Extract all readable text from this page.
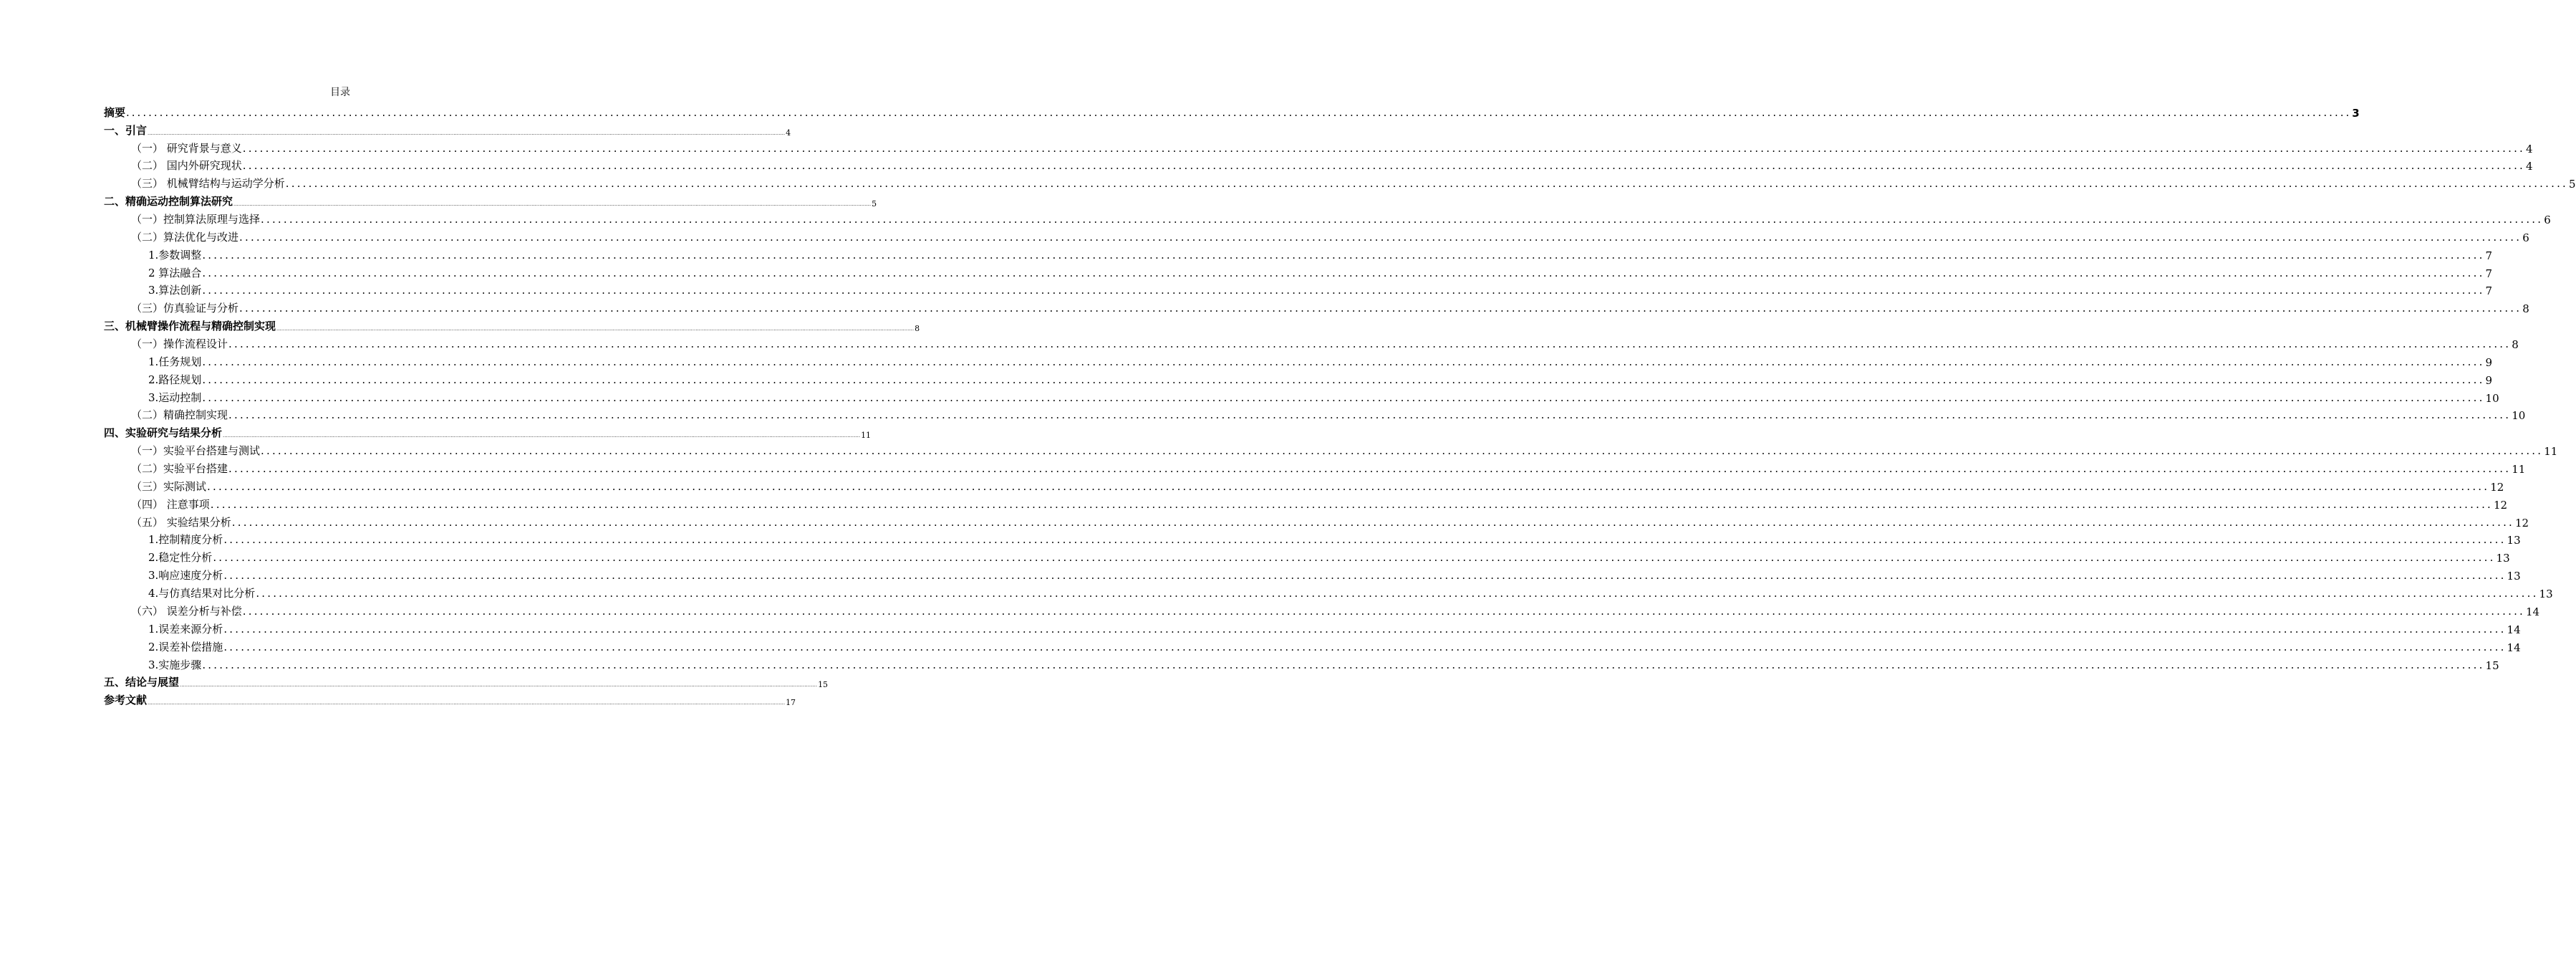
目录
摘要 ................................................................................................................................................................................................................................................................................................................................................................................................................ 3
一、引言 ................................................................................................................................................................................................................................................................................................................................................................................................................ 4
（一） 研究背景与意义 ................................................................................................................................................................................................................................................................................................................................................................................................................ 4
（二） 国内外研究现状 ................................................................................................................................................................................................................................................................................................................................................................................................................ 4
（三） 机械臂结构与运动学分析 ................................................................................................................................................................................................................................................................................................................................................................................................................ 5
二、精确运动控制算法研究 ................................................................................................................................................................................................................................................................................................................................................................................................................ 5
（一）控制算法原理与选择 ................................................................................................................................................................................................................................................................................................................................................................................................................ 6
（二）算法优化与改进 ................................................................................................................................................................................................................................................................................................................................................................................................................ 6
1.参数调整 ................................................................................................................................................................................................................................................................................................................................................................................................................ 7
2 算法融合 ................................................................................................................................................................................................................................................................................................................................................................................................................ 7
3.算法创新 ................................................................................................................................................................................................................................................................................................................................................................................................................ 7
（三）仿真验证与分析 ................................................................................................................................................................................................................................................................................................................................................................................................................ 8
三、机械臂操作流程与精确控制实现 ................................................................................................................................................................................................................................................................................................................................................................................................................ 8
（一）操作流程设计 ................................................................................................................................................................................................................................................................................................................................................................................................................ 8
1.任务规划 ................................................................................................................................................................................................................................................................................................................................................................................................................ 9
2.路径规划 ................................................................................................................................................................................................................................................................................................................................................................................................................ 9
3.运动控制 ................................................................................................................................................................................................................................................................................................................................................................................................................ 10
（二）精确控制实现 ................................................................................................................................................................................................................................................................................................................................................................................................................ 10
四、实验研究与结果分析 ................................................................................................................................................................................................................................................................................................................................................................................................................ 11
（一）实验平台搭建与测试 ................................................................................................................................................................................................................................................................................................................................................................................................................ 11
（二）实验平台搭建 ................................................................................................................................................................................................................................................................................................................................................................................................................ 11
（三）实际测试 ................................................................................................................................................................................................................................................................................................................................................................................................................ 12
（四） 注意事项 ................................................................................................................................................................................................................................................................................................................................................................................................................ 12
（五） 实验结果分析 ................................................................................................................................................................................................................................................................................................................................................................................................................ 12
1.控制精度分析 ................................................................................................................................................................................................................................................................................................................................................................................................................ 13
2.稳定性分析 ................................................................................................................................................................................................................................................................................................................................................................................................................ 13
3.响应速度分析 ................................................................................................................................................................................................................................................................................................................................................................................................................ 13
4.与仿真结果对比分析 ................................................................................................................................................................................................................................................................................................................................................................................................................ 13
（六） 误差分析与补偿 ................................................................................................................................................................................................................................................................................................................................................................................................................ 14
1.误差来源分析 ................................................................................................................................................................................................................................................................................................................................................................................................................ 14
2.误差补偿措施 ................................................................................................................................................................................................................................................................................................................................................................................................................ 14
3.实施步骤 ................................................................................................................................................................................................................................................................................................................................................................................................................ 15
五、结论与展望 ................................................................................................................................................................................................................................................................................................................................................................................................................ 15
参考文献 ................................................................................................................................................................................................................................................................................................................................................................................................................ 17
